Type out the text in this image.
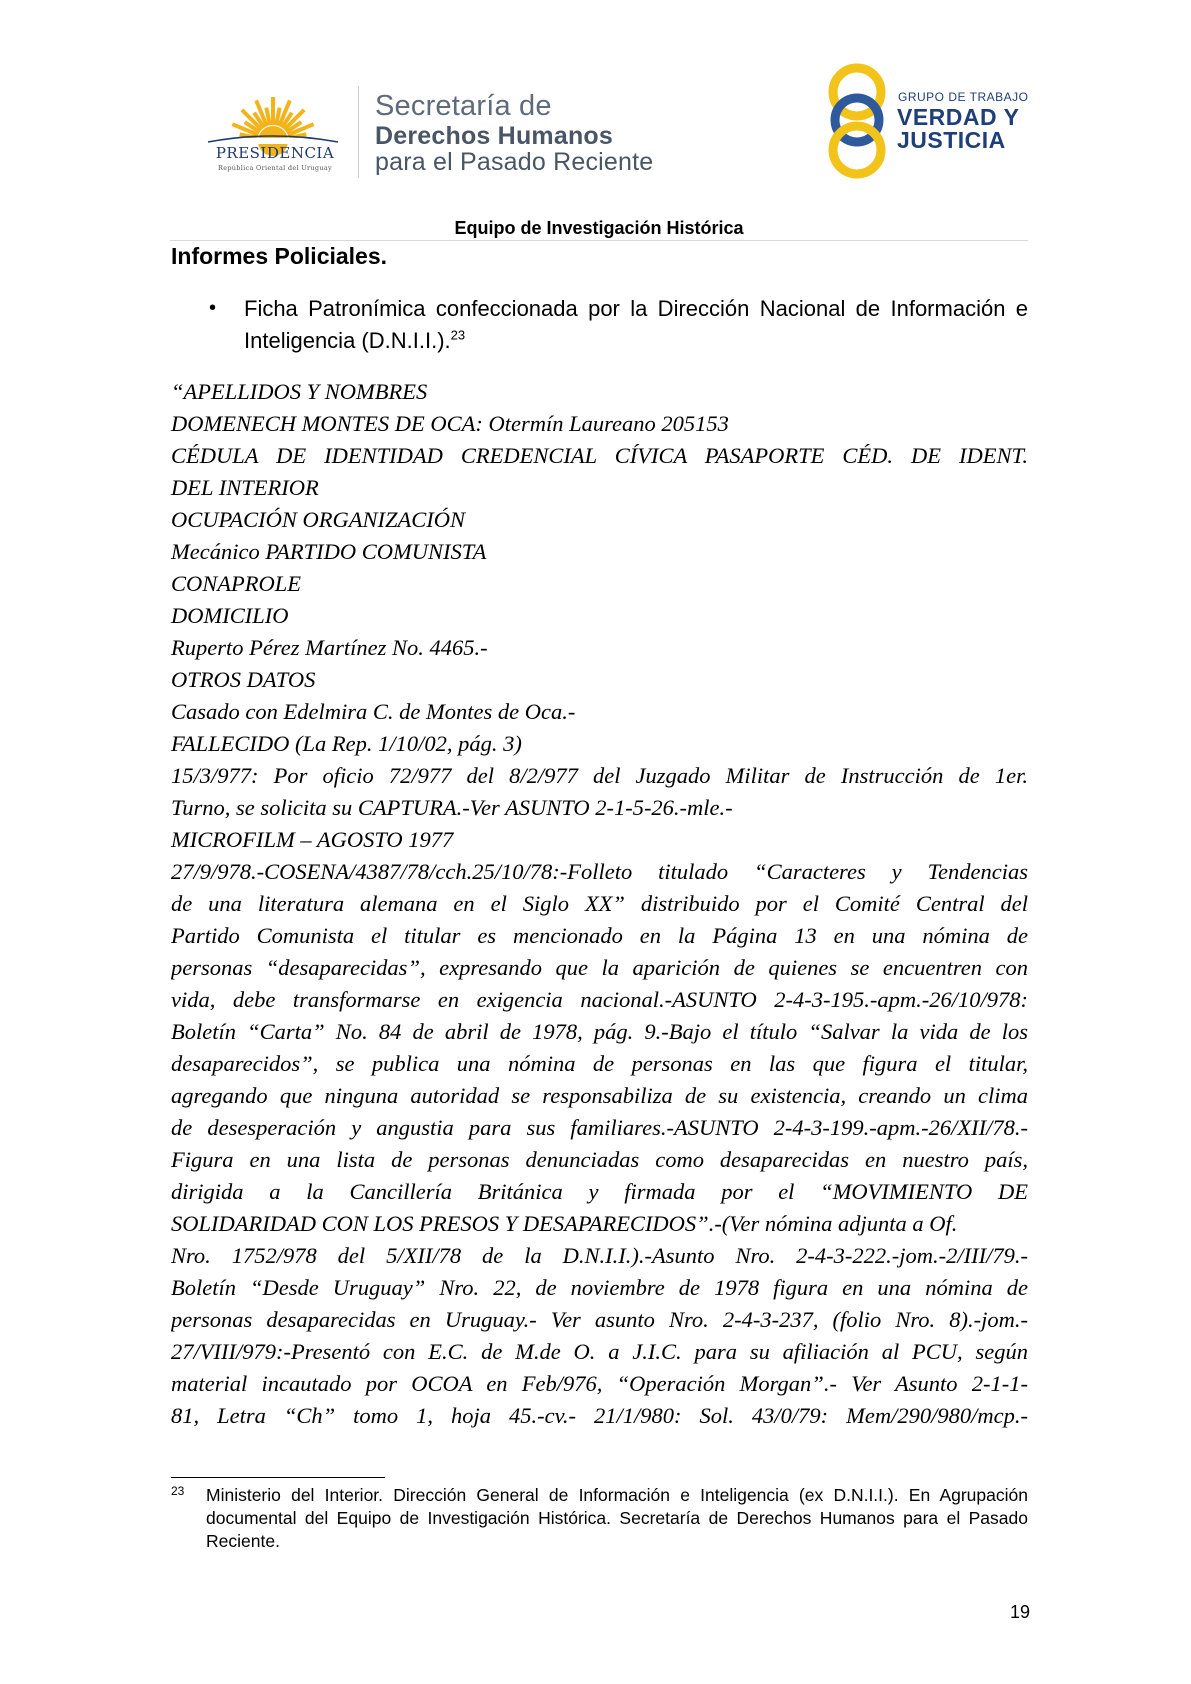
PRESIDENCIA
República Oriental del Uruguay
Secretaría de
Derechos Humanos
para el Pasado Reciente
GRUPO DE TRABAJO
VERDAD Y
JUSTICIA
Equipo de Investigación Histórica
Informes Policiales.
• Ficha Patronímica confeccionada por la Dirección Nacional de Información e Inteligencia (D.N.I.I.).$^{23}$
“APELLIDOS Y NOMBRES
DOMENECH MONTES DE OCA: Otermín Laureano 205153
CÉDULA DE IDENTIDAD CREDENCIAL CÍVICA PASAPORTE CÉD. DE IDENT.
DEL INTERIOR
OCUPACIÓN ORGANIZACIÓN
Mecánico PARTIDO COMUNISTA
CONAPROLE
DOMICILIO
Ruperto Pérez Martínez No. 4465.-
OTROS DATOS
Casado con Edelmira C. de Montes de Oca.-
FALLECIDO (La Rep. 1/10/02, pág. 3)
15/3/977: Por oficio 72/977 del 8/2/977 del Juzgado Militar de Instrucción de 1er.
Turno, se solicita su CAPTURA.-Ver ASUNTO 2-1-5-26.-mle.-
MICROFILM – AGOSTO 1977
27/9/978.-COSENA/4387/78/cch.25/10/78:-Folleto titulado “Caracteres y Tendencias
de una literatura alemana en el Siglo XX” distribuido por el Comité Central del
Partido Comunista el titular es mencionado en la Página 13 en una nómina de
personas “desaparecidas”, expresando que la aparición de quienes se encuentren con
vida, debe transformarse en exigencia nacional.-ASUNTO 2-4-3-195.-apm.-26/10/978:
Boletín “Carta” No. 84 de abril de 1978, pág. 9.-Bajo el título “Salvar la vida de los
desaparecidos”, se publica una nómina de personas en las que figura el titular,
agregando que ninguna autoridad se responsabiliza de su existencia, creando un clima
de desesperación y angustia para sus familiares.-ASUNTO 2-4-3-199.-apm.-26/XII/78.-
Figura en una lista de personas denunciadas como desaparecidas en nuestro país,
dirigida a la Cancillería Británica y firmada por el “MOVIMIENTO DE
SOLIDARIDAD CON LOS PRESOS Y DESAPARECIDOS”.-(Ver nómina adjunta a Of.
Nro. 1752/978 del 5/XII/78 de la D.N.I.I.).-Asunto Nro. 2-4-3-222.-jom.-2/III/79.-
Boletín “Desde Uruguay” Nro. 22, de noviembre de 1978 figura en una nómina de
personas desaparecidas en Uruguay.- Ver asunto Nro. 2-4-3-237, (folio Nro. 8).-jom.-
27/VIII/979:-Presentó con E.C. de M.de O. a J.I.C. para su afiliación al PCU, según
material incautado por OCOA en Feb/976, “Operación Morgan”.- Ver Asunto 2-1-1-
81, Letra “Ch” tomo 1, hoja 45.-cv.- 21/1/980: Sol. 43/0/79: Mem/290/980/mcp.-
23 Ministerio del Interior. Dirección General de Información e Inteligencia (ex D.N.I.I.). En Agrupación documental del Equipo de Investigación Histórica. Secretaría de Derechos Humanos para el Pasado Reciente.
19
